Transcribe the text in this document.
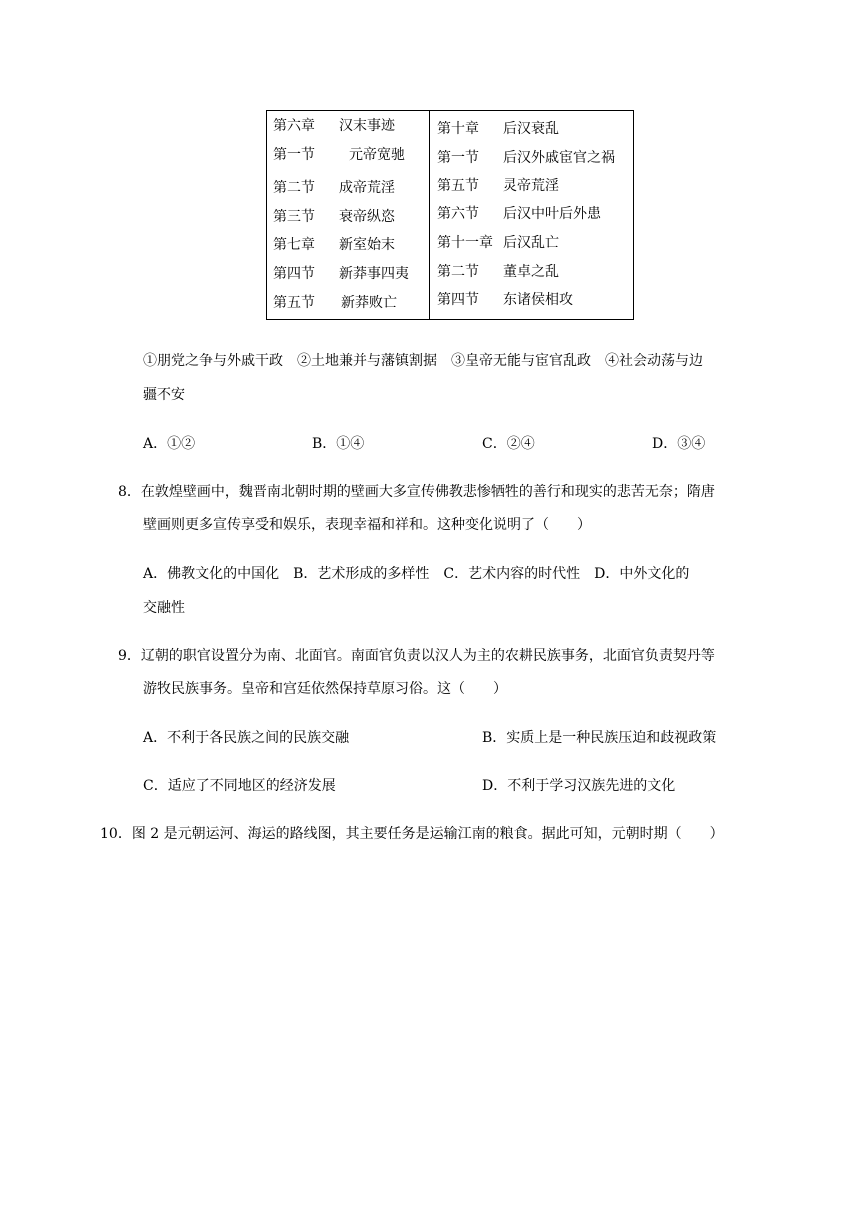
第六章 汉末事迹
第一节 元帝宽驰
第二节 成帝荒淫
第三节 衰帝纵恣
第七章 新室始末
第四节 新莽事四夷
第五节 新莽败亡
第十章 后汉衰乱
第一节 后汉外戚宦官之祸
第五节 灵帝荒淫
第六节 后汉中叶后外患
第十一章 后汉乱亡
第二节 董卓之乱
第四节 东诸侯相攻
①朋党之争与外戚干政　②土地兼并与藩镇割据　③皇帝无能与宦官乱政　④社会动荡与边
疆不安
A．①②	B．①④	C．②④	D．③④
8．在敦煌壁画中，魏晋南北朝时期的壁画大多宣传佛教悲惨牺牲的善行和现实的悲苦无奈；隋唐
壁画则更多宣传享受和娱乐，表现幸福和祥和。这种变化说明了（　　）
A．佛教文化的中国化　B．艺术形成的多样性　C．艺术内容的时代性　D．中外文化的
交融性
9．辽朝的职官设置分为南、北面官。南面官负责以汉人为主的农耕民族事务，北面官负责契丹等
游牧民族事务。皇帝和宫廷依然保持草原习俗。这（　　）
A．不利于各民族之间的民族交融	B．实质上是一种民族压迫和歧视政策
C．适应了不同地区的经济发展	D．不利于学习汉族先进的文化
10．图 2 是元朝运河、海运的路线图，其主要任务是运输江南的粮食。据此可知，元朝时期（　　）
